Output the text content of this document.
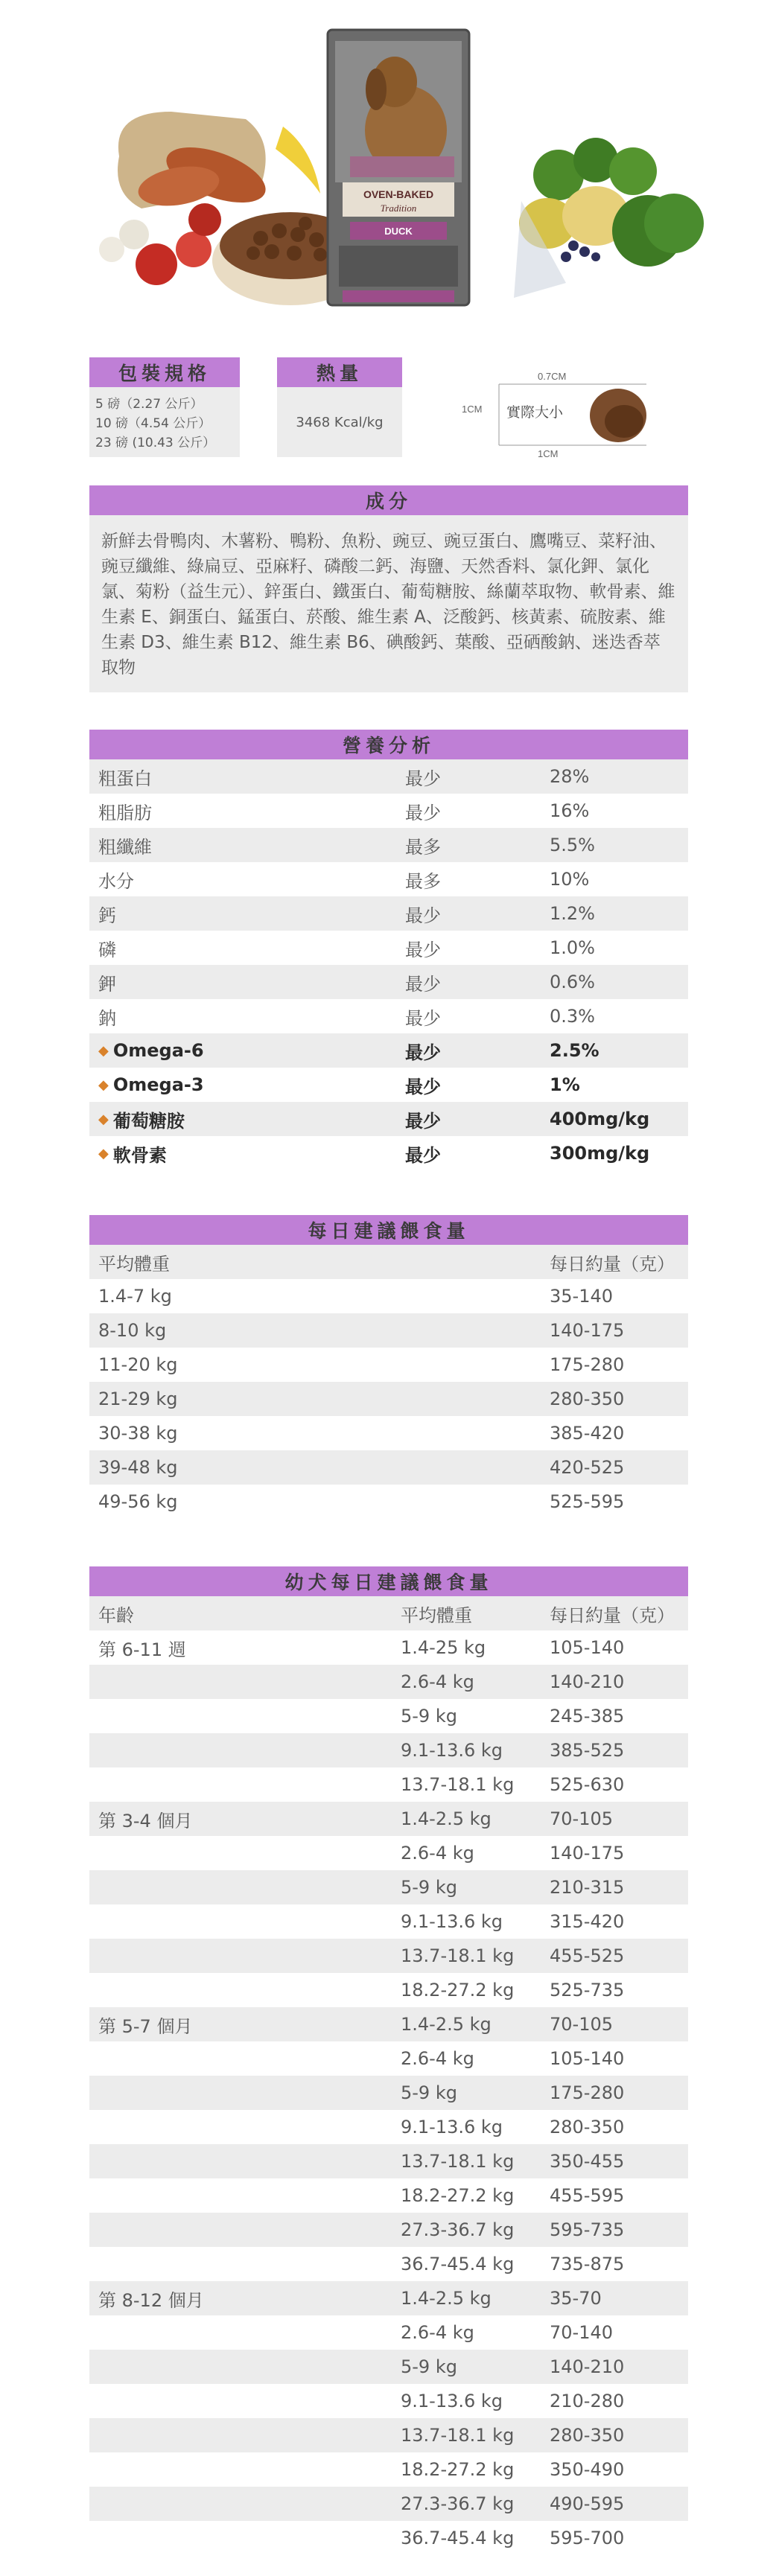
OVEN-BAKED
Tradition
DUCK
包裝規格
5 磅（2.27 公斤）
10 磅（4.54 公斤）
23 磅 (10.43 公斤）
熱量
3468 Kcal/kg
0.7CM
1CM
1CM
實際大小
成分
新鮮去骨鴨肉、木薯粉、鴨粉、魚粉、豌豆、豌豆蛋白、鷹嘴豆、菜籽油、豌豆纖維、綠扁豆、亞麻籽、磷酸二鈣、海鹽、天然香料、氯化鉀、氯化氯、菊粉（益生元）、鋅蛋白、鐵蛋白、葡萄糖胺、絲蘭萃取物、軟骨素、維生素 E、銅蛋白、錳蛋白、菸酸、維生素 A、泛酸鈣、核黃素、硫胺素、維生素 D3、維生素 B12、維生素 B6、碘酸鈣、葉酸、亞硒酸鈉、迷迭香萃取物
營養分析
粗蛋白	最少	28%
粗脂肪	最少	16%
粗纖維	最多	5.5%
水分	最多	10%
鈣	最少	1.2%
磷	最少	1.0%
鉀	最少	0.6%
鈉	最少	0.3%
◆ Omega-6	最少	2.5%
◆ Omega-3	最少	1%
◆ 葡萄糖胺	最少	400mg/kg
◆ 軟骨素	最少	300mg/kg
每日建議餵食量
平均體重	每日約量（克）
1.4-7 kg	35-140
8-10 kg	140-175
11-20 kg	175-280
21-29 kg	280-350
30-38 kg	385-420
39-48 kg	420-525
49-56 kg	525-595
幼犬每日建議餵食量
年齡	平均體重	每日約量（克）
第 6-11 週	1.4-25 kg	105-140
2.6-4 kg	140-210
5-9 kg	245-385
9.1-13.6 kg	385-525
13.7-18.1 kg	525-630
第 3-4 個月	1.4-2.5 kg	70-105
2.6-4 kg	140-175
5-9 kg	210-315
9.1-13.6 kg	315-420
13.7-18.1 kg	455-525
18.2-27.2 kg	525-735
第 5-7 個月	1.4-2.5 kg	70-105
2.6-4 kg	105-140
5-9 kg	175-280
9.1-13.6 kg	280-350
13.7-18.1 kg	350-455
18.2-27.2 kg	455-595
27.3-36.7 kg	595-735
36.7-45.4 kg	735-875
第 8-12 個月	1.4-2.5 kg	35-70
2.6-4 kg	70-140
5-9 kg	140-210
9.1-13.6 kg	210-280
13.7-18.1 kg	280-350
18.2-27.2 kg	350-490
27.3-36.7 kg	490-595
36.7-45.4 kg	595-700
